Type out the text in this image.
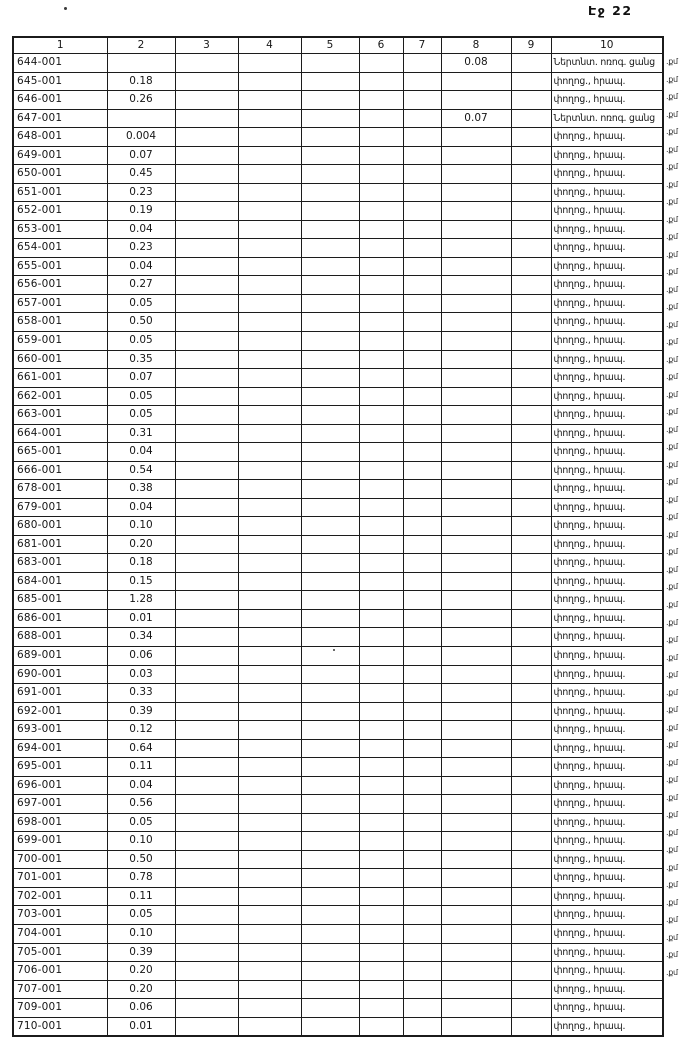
Էջ 22
1	2	3	4	5	6	7	8	9	10
644-001							0.08		Ներտնտ. ոռոգ. ցանց
645-001	0.18								փողոց., հրապ.
646-001	0.26								փողոց., հրապ.
647-001							0.07		Ներտնտ. ոռոգ. ցանց
648-001	0.004								փողոց., հրապ.
649-001	0.07								փողոց., հրապ.
650-001	0.45								փողոց., հրապ.
651-001	0.23								փողոց., հրապ.
652-001	0.19								փողոց., հրապ.
653-001	0.04								փողոց., հրապ.
654-001	0.23								փողոց., հրապ.
655-001	0.04								փողոց., հրապ.
656-001	0.27								փողոց., հրապ.
657-001	0.05								փողոց., հրապ.
658-001	0.50								փողոց., հրապ.
659-001	0.05								փողոց., հրապ.
660-001	0.35								փողոց., հրապ.
661-001	0.07								փողոց., հրապ.
662-001	0.05								փողոց., հրապ.
663-001	0.05								փողոց., հրապ.
664-001	0.31								փողոց., հրապ.
665-001	0.04								փողոց., հրապ.
666-001	0.54								փողոց., հրապ.
678-001	0.38								փողոց., հրապ.
679-001	0.04								փողոց., հրապ.
680-001	0.10								փողոց., հրապ.
681-001	0.20								փողոց., հրապ.
683-001	0.18								փողոց., հրապ.
684-001	0.15								փողոց., հրապ.
685-001	1.28								փողոց., հրապ.
686-001	0.01								փողոց., հրապ.
688-001	0.34								փողոց., հրապ.
689-001	0.06								փողոց., հրապ.
690-001	0.03								փողոց., հրապ.
691-001	0.33								փողոց., հրապ.
692-001	0.39								փողոց., հրապ.
693-001	0.12								փողոց., հրապ.
694-001	0.64								փողոց., հրապ.
695-001	0.11								փողոց., հրապ.
696-001	0.04								փողոց., հրապ.
697-001	0.56								փողոց., հրապ.
698-001	0.05								փողոց., հրապ.
699-001	0.10								փողոց., հրապ.
700-001	0.50								փողոց., հրապ.
701-001	0.78								փողոց., հրապ.
702-001	0.11								փողոց., հրապ.
703-001	0.05								փողոց., հրապ.
704-001	0.10								փողոց., հրապ.
705-001	0.39								փողոց., հրապ.
706-001	0.20								փողոց., հրապ.
707-001	0.20								փողոց., հրապ.
709-001	0.06								փողոց., հրապ.
710-001	0.01								փողոց., հրապ.
.քմ
.քմ
.քմ
.քմ
.քմ
.քմ
.քմ
.քմ
.քմ
.քմ
.քմ
.քմ
.քմ
.քմ
.քմ
.քմ
.քմ
.քմ
.քմ
.քմ
.քմ
.քմ
.քմ
.քմ
.քմ
.քմ
.քմ
.քմ
.քմ
.քմ
.քմ
.քմ
.քմ
.քմ
.քմ
.քմ
.քմ
.քմ
.քմ
.քմ
.քմ
.քմ
.քմ
.քմ
.քմ
.քմ
.քմ
.քմ
.քմ
.քմ
.քմ
.քմ
.քմ
